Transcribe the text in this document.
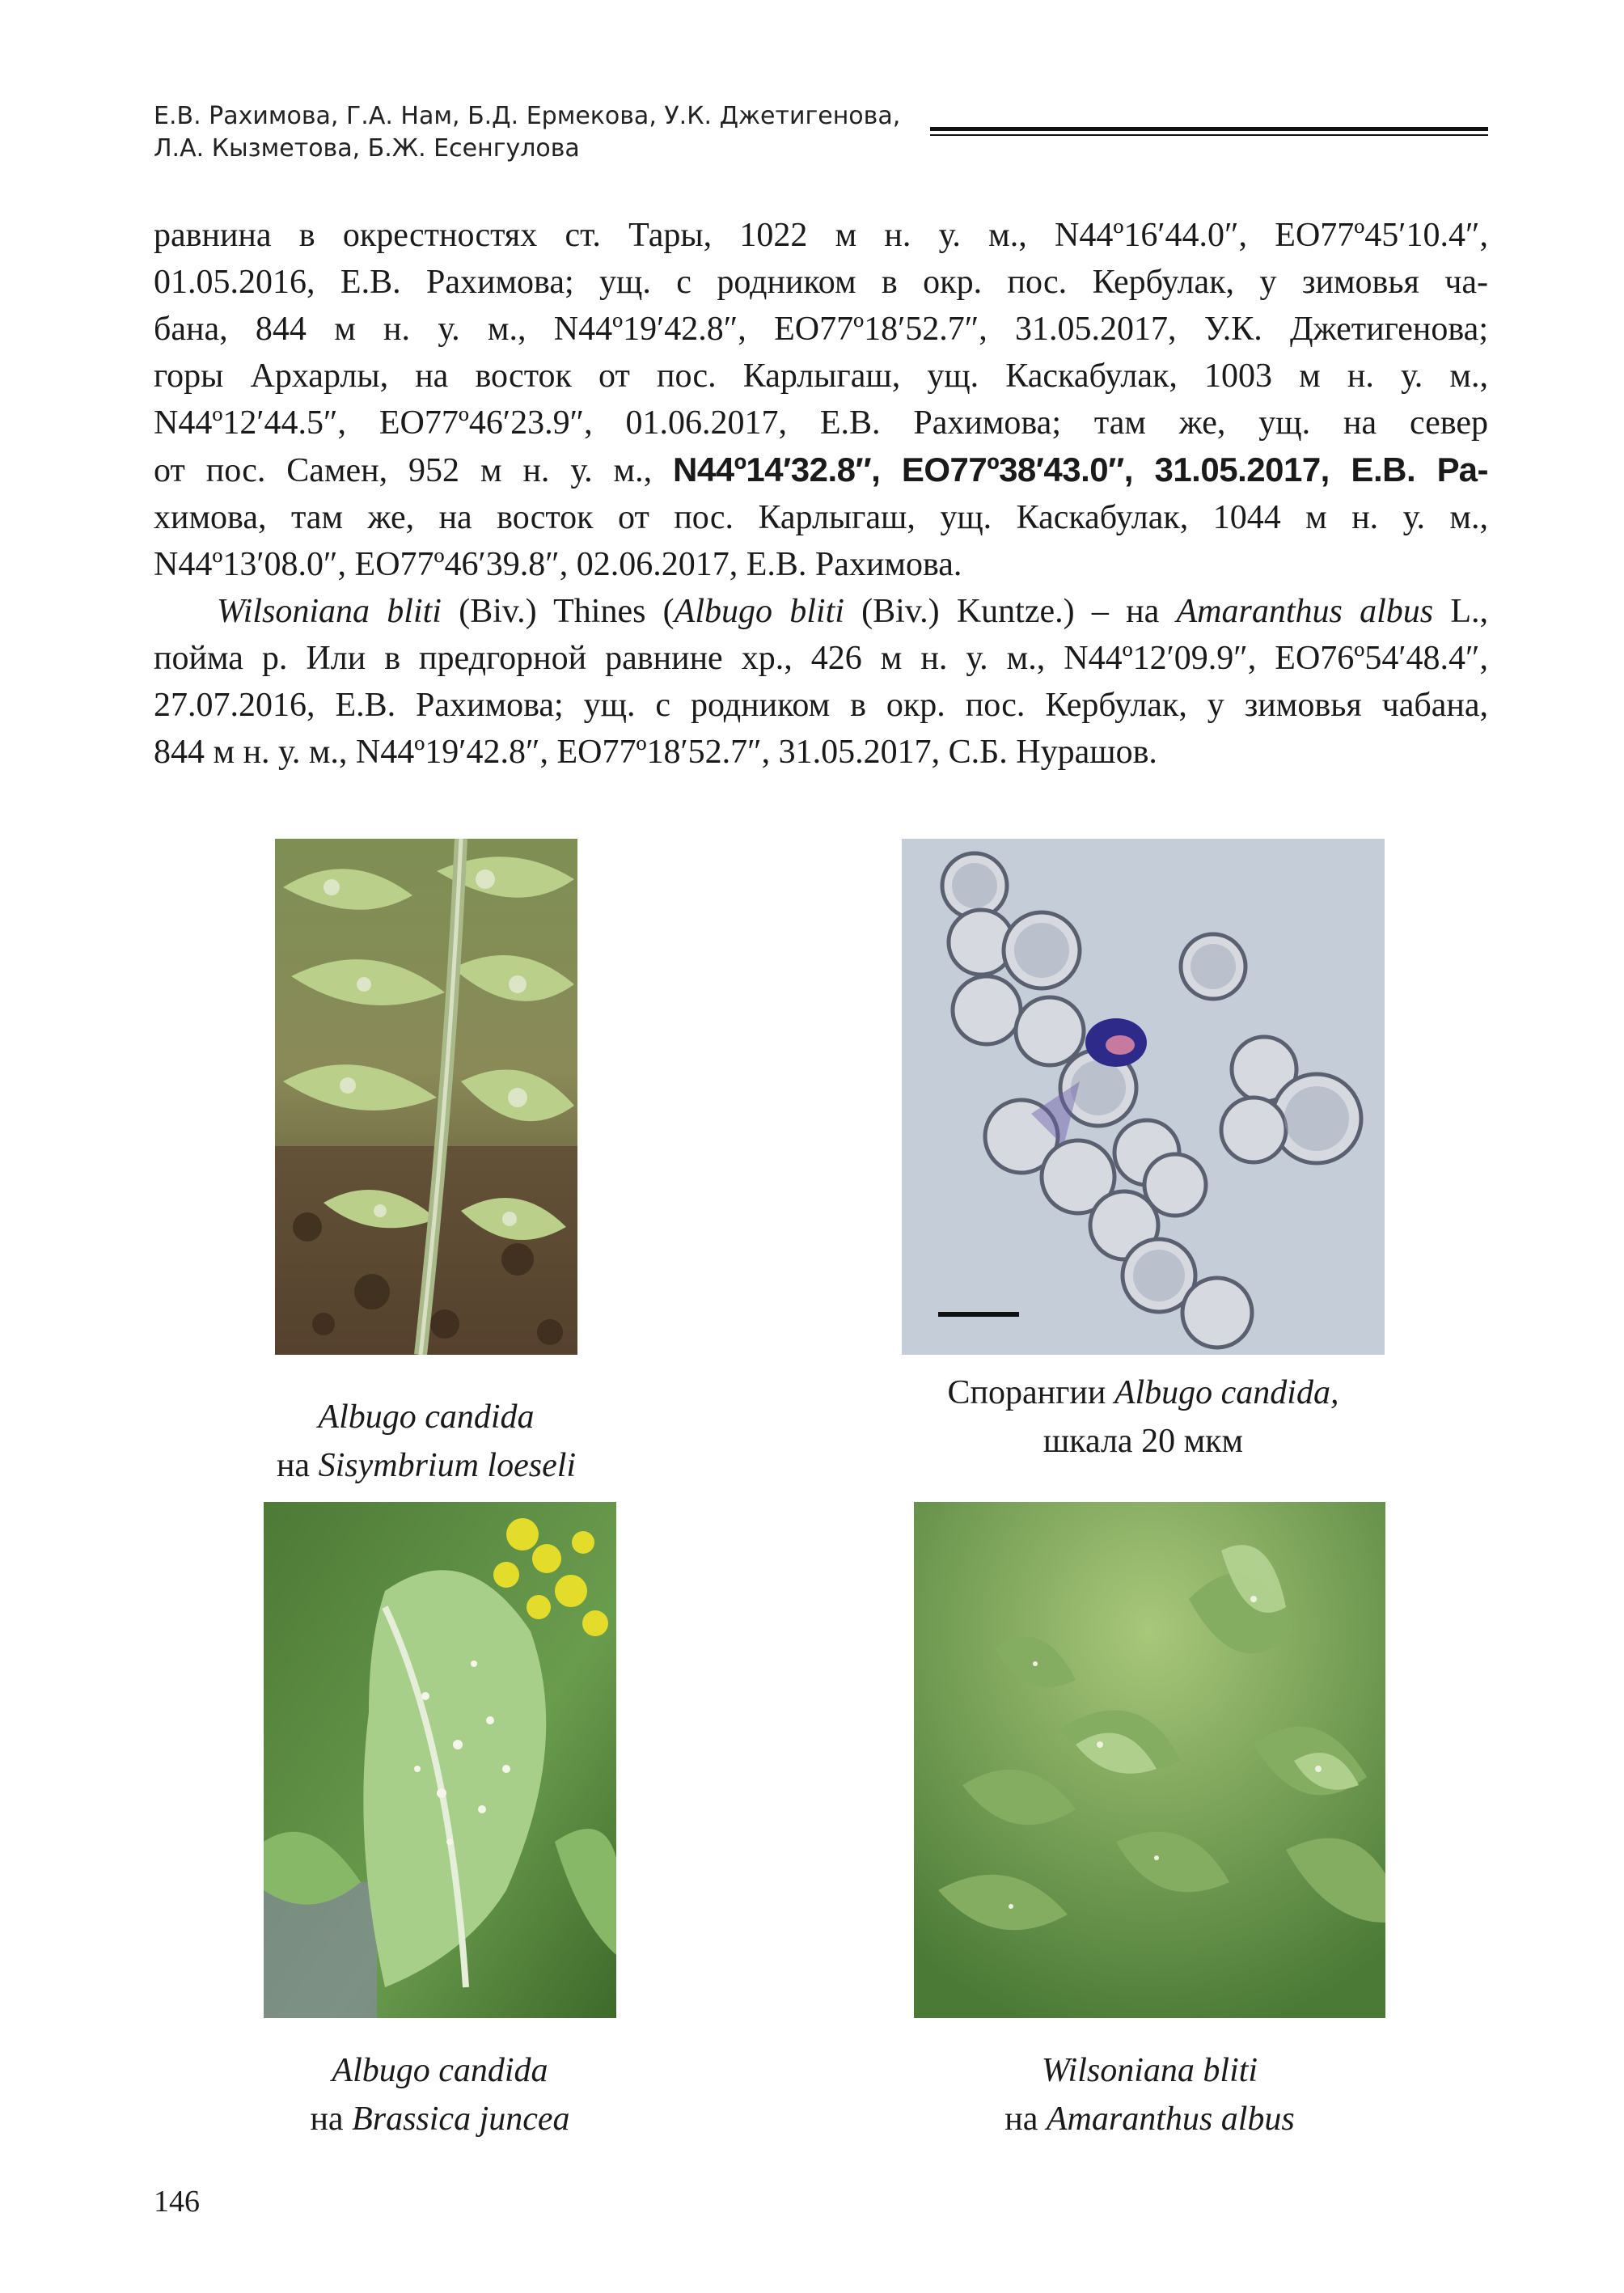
Е.В. Рахимова, Г.А. Нам, Б.Д. Ермекова, У.К. Джетигенова,
Л.А. Кызметова, Б.Ж. Есенгулова

равнина в окрестностях ст. Тары, 1022 м н. у. м., N44º16′44.0″, EO77º45′10.4″,
01.05.2016, Е.В. Рахимова; ущ. с родником в окр. пос. Кербулак, у зимовья ча-
бана, 844 м н. у. м., N44º19′42.8″, EO77º18′52.7″, 31.05.2017, У.К. Джетигенова;
горы Архарлы, на восток от пос. Карлыгаш, ущ. Каскабулак, 1003 м н. у. м.,
N44º12′44.5″, EO77º46′23.9″, 01.06.2017, Е.В. Рахимова; там же, ущ. на север
от пос. Самен, 952 м н. у. м., N44º14′32.8″, EO77º38′43.0″, 31.05.2017, Е.В. Ра-
химова, там же, на восток от пос. Карлыгаш, ущ. Каскабулак, 1044 м н. у. м.,
N44º13′08.0″, EO77º46′39.8″, 02.06.2017, Е.В. Рахимова.

Wilsoniana bliti (Biv.) Thines (Albugo bliti (Biv.) Kuntze.) – на Amaranthus albus L.,
пойма р. Или в предгорной равнине хр., 426 м н. у. м., N44º12′09.9″, EO76º54′48.4″,
27.07.2016, Е.В. Рахимова; ущ. с родником в окр. пос. Кербулак, у зимовья чабана,
844 м н. у. м., N44º19′42.8″, EO77º18′52.7″, 31.05.2017, С.Б. Нурашов.

Albugo candida
на Sisymbrium loeseli
Спорангии Albugo candida,
шкала 20 мкм
Albugo candida
на Brassica juncea
Wilsoniana bliti
на Amaranthus albus
146
